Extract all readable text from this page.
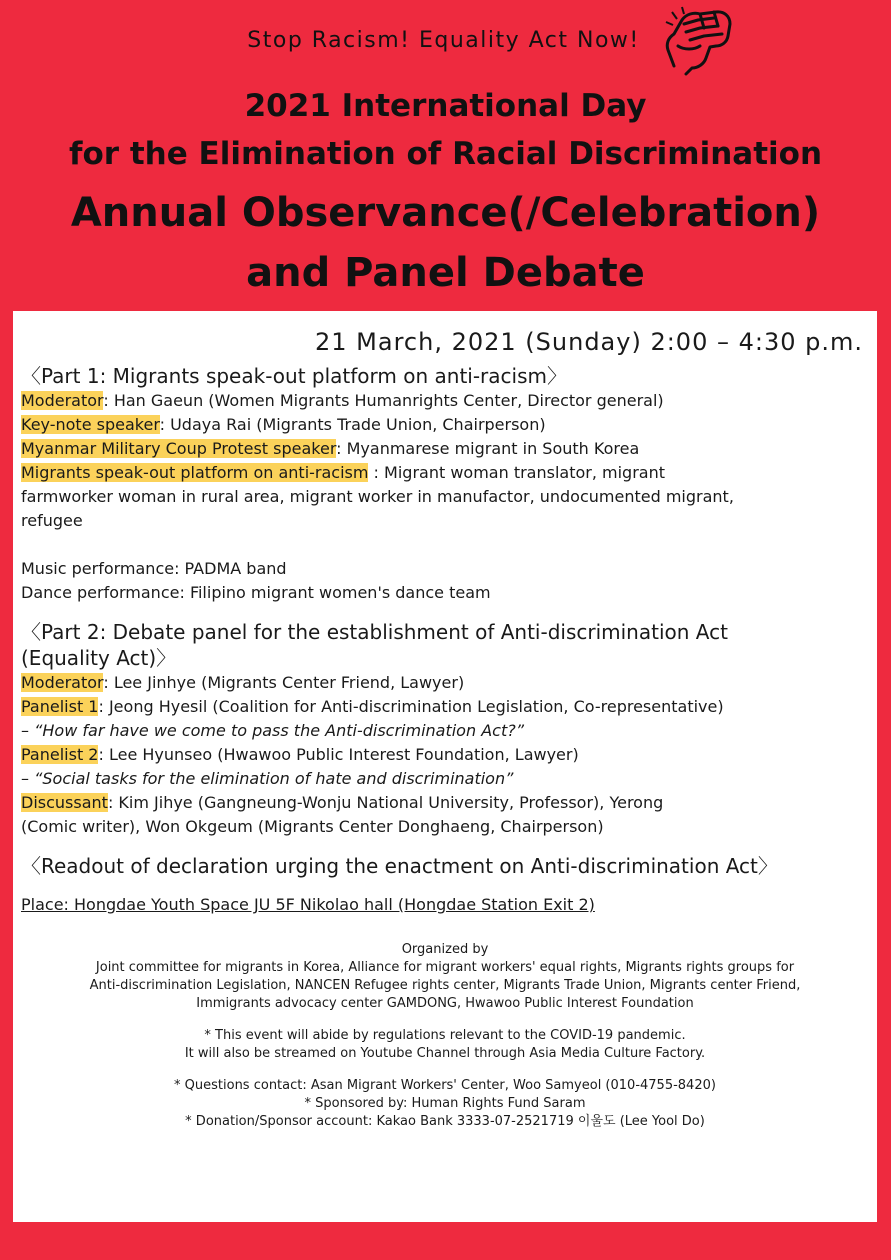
Stop Racism! Equality Act Now!
2021 International Day
for the Elimination of Racial Discrimination
Annual Observance(/Celebration)
and Panel Debate
21 March, 2021 (Sunday) 2:00 – 4:30 p.m.
〈Part 1: Migrants speak-out platform on anti-racism〉
Moderator: Han Gaeun (Women Migrants Humanrights Center, Director general)
Key-note speaker: Udaya Rai (Migrants Trade Union, Chairperson)
Myanmar Military Coup Protest speaker: Myanmarese migrant in South Korea
Migrants speak-out platform on anti-racism : Migrant woman translator, migrant
farmworker woman in rural area, migrant worker in manufactor, undocumented migrant,
refugee
Music performance: PADMA band
Dance performance: Filipino migrant women's dance team
〈Part 2: Debate panel for the establishment of Anti-discrimination Act
(Equality Act)〉
Moderator: Lee Jinhye (Migrants Center Friend, Lawyer)
Panelist 1: Jeong Hyesil (Coalition for Anti-discrimination Legislation, Co-representative)
– “How far have we come to pass the Anti-discrimination Act?”
Panelist 2: Lee Hyunseo (Hwawoo Public Interest Foundation, Lawyer)
– “Social tasks for the elimination of hate and discrimination”
Discussant: Kim Jihye (Gangneung-Wonju National University, Professor), Yerong
(Comic writer), Won Okgeum (Migrants Center Donghaeng, Chairperson)
〈Readout of declaration urging the enactment on Anti-discrimination Act〉
Place: Hongdae Youth Space JU 5F Nikolao hall (Hongdae Station Exit 2)
Organized by
Joint committee for migrants in Korea, Alliance for migrant workers' equal rights, Migrants rights groups for
Anti-discrimination Legislation, NANCEN Refugee rights center, Migrants Trade Union, Migrants center Friend,
Immigrants advocacy center GAMDONG, Hwawoo Public Interest Foundation
* This event will abide by regulations relevant to the COVID-19 pandemic.
It will also be streamed on Youtube Channel through Asia Media Culture Factory.
* Questions contact: Asan Migrant Workers' Center, Woo Samyeol (010-4755-8420)
* Sponsored by: Human Rights Fund Saram
* Donation/Sponsor account: Kakao Bank 3333-07-2521719 이울도 (Lee Yool Do)
